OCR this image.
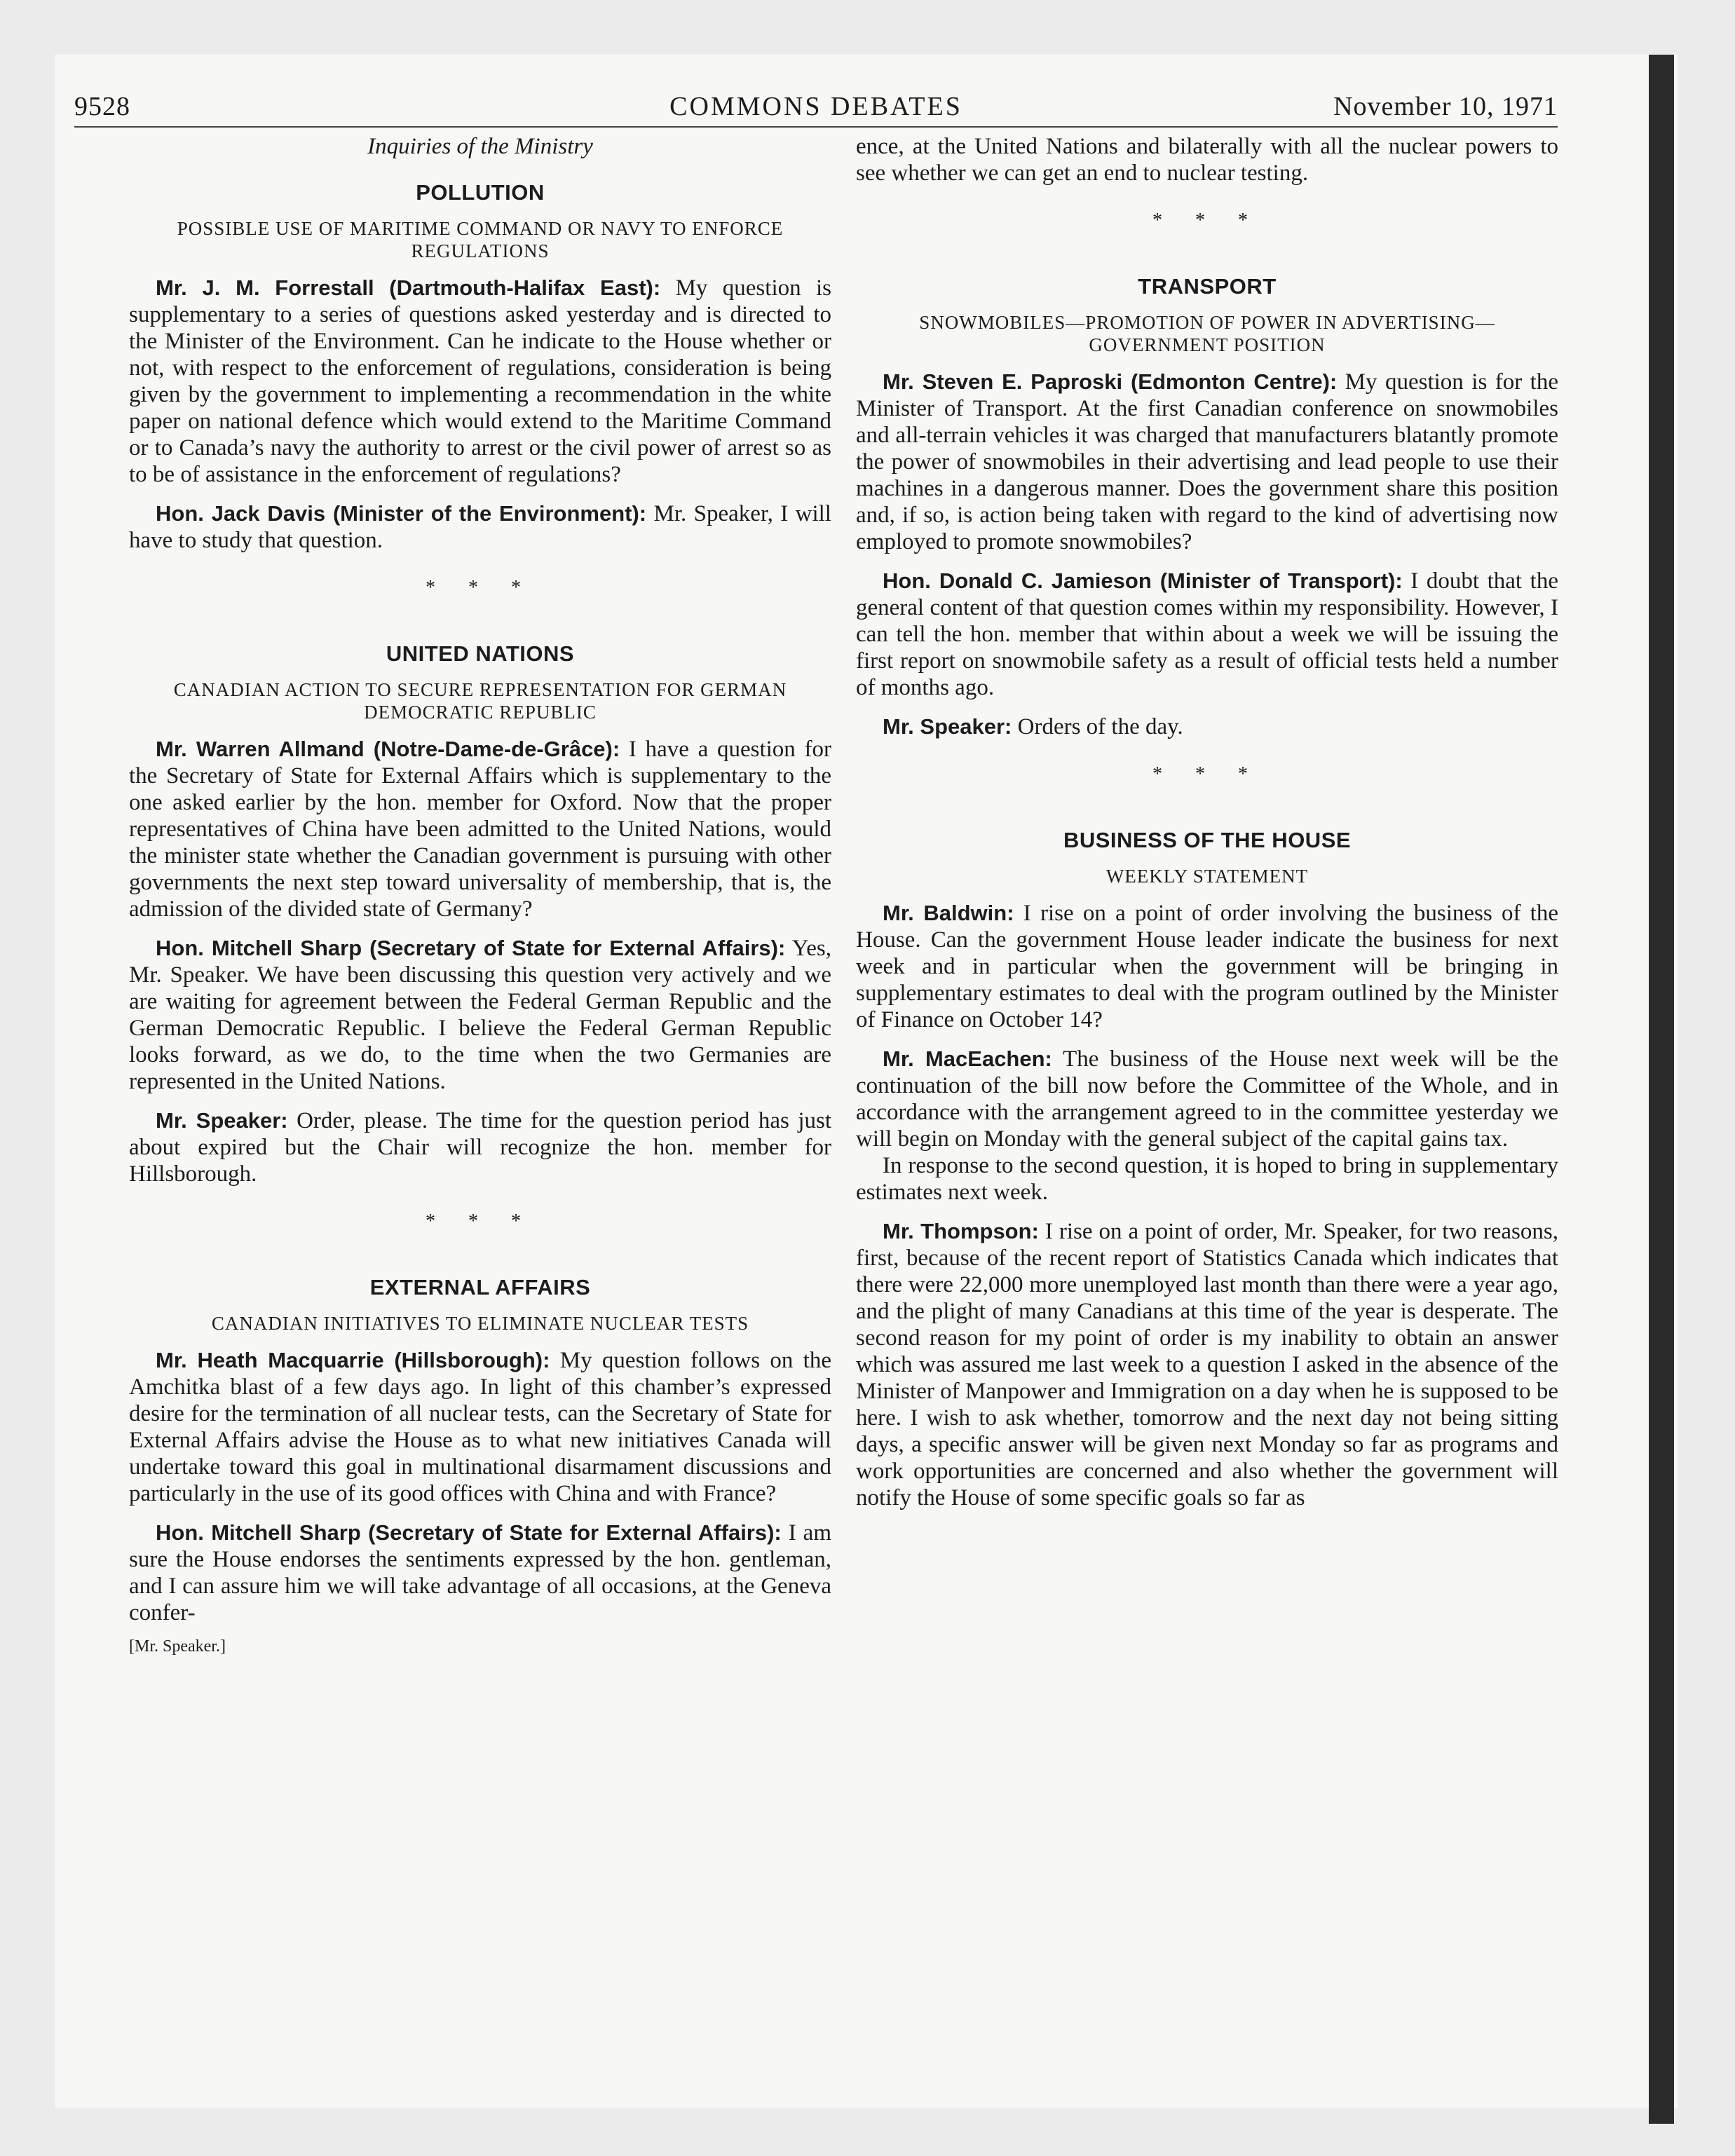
9528	COMMONS DEBATES	November 10, 1971
Inquiries of the Ministry
POLLUTION
POSSIBLE USE OF MARITIME COMMAND OR NAVY TO ENFORCE REGULATIONS

Mr. J. M. Forrestall (Dartmouth-Halifax East): My question is supplementary to a series of questions asked yesterday and is directed to the Minister of the Environment. Can he indicate to the House whether or not, with respect to the enforcement of regulations, consideration is being given by the government to implementing a recommendation in the white paper on national defence which would extend to the Maritime Command or to Canada’s navy the authority to arrest or the civil power of arrest so as to be of assistance in the enforcement of regulations?

Hon. Jack Davis (Minister of the Environment): Mr. Speaker, I will have to study that question.

* * *
UNITED NATIONS
CANADIAN ACTION TO SECURE REPRESENTATION FOR GERMAN DEMOCRATIC REPUBLIC

Mr. Warren Allmand (Notre-Dame-de-Grâce): I have a question for the Secretary of State for External Affairs which is supplementary to the one asked earlier by the hon. member for Oxford. Now that the proper representatives of China have been admitted to the United Nations, would the minister state whether the Canadian government is pursuing with other governments the next step toward universality of membership, that is, the admission of the divided state of Germany?

Hon. Mitchell Sharp (Secretary of State for External Affairs): Yes, Mr. Speaker. We have been discussing this question very actively and we are waiting for agreement between the Federal German Republic and the German Democratic Republic. I believe the Federal German Republic looks forward, as we do, to the time when the two Germanies are represented in the United Nations.

Mr. Speaker: Order, please. The time for the question period has just about expired but the Chair will recognize the hon. member for Hillsborough.

* * *
EXTERNAL AFFAIRS
CANADIAN INITIATIVES TO ELIMINATE NUCLEAR TESTS

Mr. Heath Macquarrie (Hillsborough): My question follows on the Amchitka blast of a few days ago. In light of this chamber’s expressed desire for the termination of all nuclear tests, can the Secretary of State for External Affairs advise the House as to what new initiatives Canada will undertake toward this goal in multinational disarmament discussions and particularly in the use of its good offices with China and with France?

Hon. Mitchell Sharp (Secretary of State for External Affairs): I am sure the House endorses the sentiments expressed by the hon. gentleman, and I can assure him we will take advantage of all occasions, at the Geneva confer-

[Mr. Speaker.]

ence, at the United Nations and bilaterally with all the nuclear powers to see whether we can get an end to nuclear testing.

* * *
TRANSPORT
SNOWMOBILES—PROMOTION OF POWER IN ADVERTISING—GOVERNMENT POSITION

Mr. Steven E. Paproski (Edmonton Centre): My question is for the Minister of Transport. At the first Canadian conference on snowmobiles and all-terrain vehicles it was charged that manufacturers blatantly promote the power of snowmobiles in their advertising and lead people to use their machines in a dangerous manner. Does the government share this position and, if so, is action being taken with regard to the kind of advertising now employed to promote snowmobiles?

Hon. Donald C. Jamieson (Minister of Transport): I doubt that the general content of that question comes within my responsibility. However, I can tell the hon. member that within about a week we will be issuing the first report on snowmobile safety as a result of official tests held a number of months ago.

Mr. Speaker: Orders of the day.

* * *
BUSINESS OF THE HOUSE
WEEKLY STATEMENT

Mr. Baldwin: I rise on a point of order involving the business of the House. Can the government House leader indicate the business for next week and in particular when the government will be bringing in supplementary estimates to deal with the program outlined by the Minister of Finance on October 14?

Mr. MacEachen: The business of the House next week will be the continuation of the bill now before the Committee of the Whole, and in accordance with the arrangement agreed to in the committee yesterday we will begin on Monday with the general subject of the capital gains tax.

In response to the second question, it is hoped to bring in supplementary estimates next week.

Mr. Thompson: I rise on a point of order, Mr. Speaker, for two reasons, first, because of the recent report of Statistics Canada which indicates that there were 22,000 more unemployed last month than there were a year ago, and the plight of many Canadians at this time of the year is desperate. The second reason for my point of order is my inability to obtain an answer which was assured me last week to a question I asked in the absence of the Minister of Manpower and Immigration on a day when he is supposed to be here. I wish to ask whether, tomorrow and the next day not being sitting days, a specific answer will be given next Monday so far as programs and work opportunities are concerned and also whether the government will notify the House of some specific goals so far as
